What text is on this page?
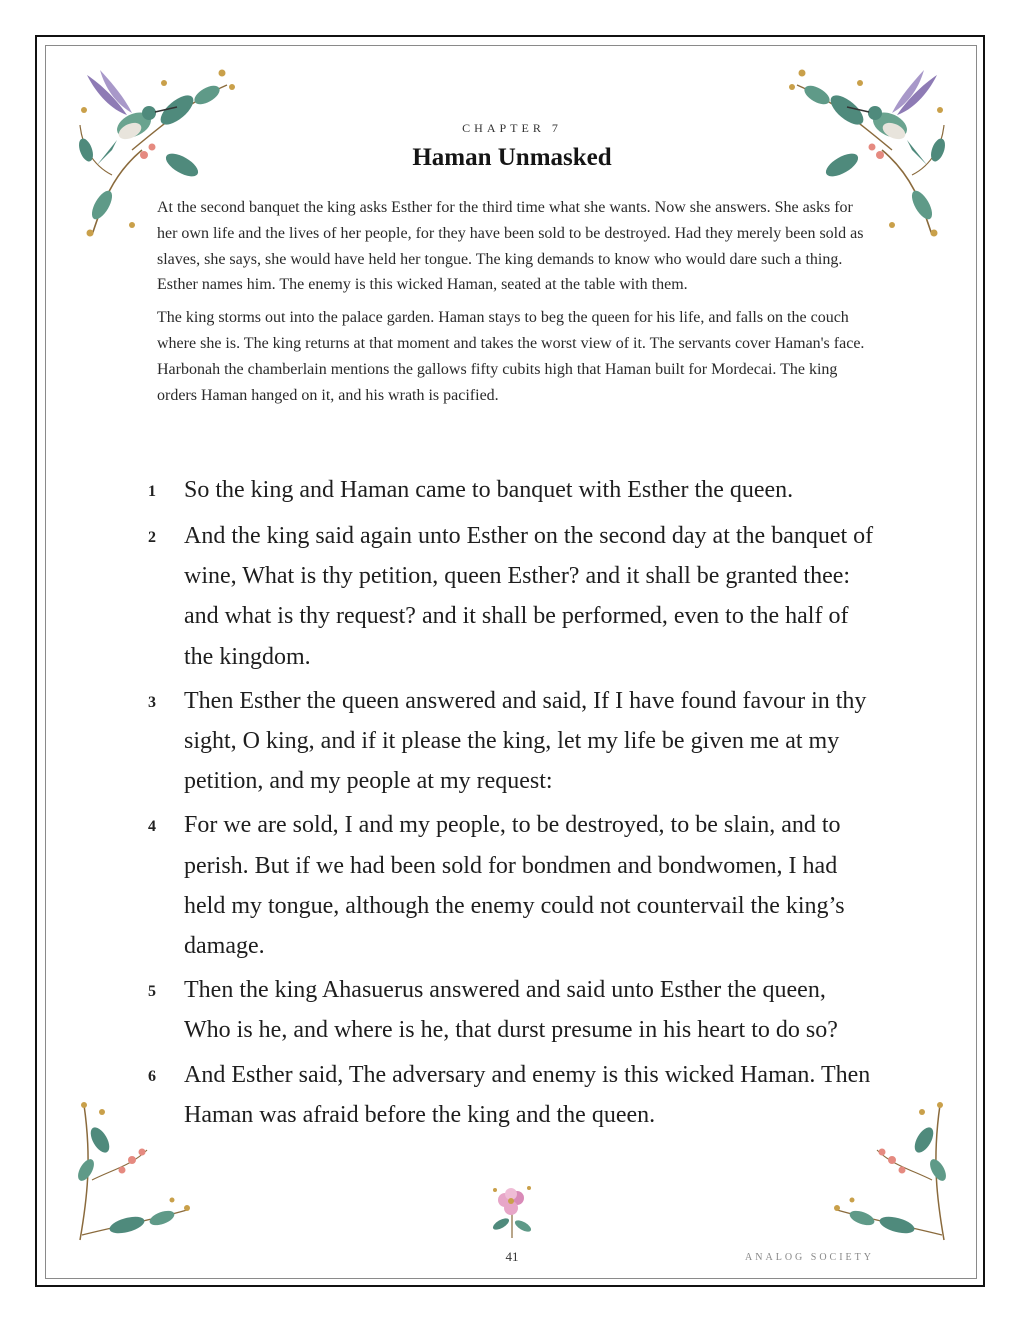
CHAPTER 7
Haman Unmasked

At the second banquet the king asks Esther for the third time what she wants. Now she answers. She asks for her own life and the lives of her people, for they have been sold to be destroyed. Had they merely been sold as slaves, she says, she would have held her tongue. The king demands to know who would dare such a thing. Esther names him. The enemy is this wicked Haman, seated at the table with them.

The king storms out into the palace garden. Haman stays to beg the queen for his life, and falls on the couch where she is. The king returns at that moment and takes the worst view of it. The servants cover Haman's face. Harbonah the chamberlain mentions the gallows fifty cubits high that Haman built for Mordecai. The king orders Haman hanged on it, and his wrath is pacified.

1	So the king and Haman came to banquet with Esther the queen.
2	And the king said again unto Esther on the second day at the banquet of wine, What is thy petition, queen Esther? and it shall be granted thee: and what is thy request? and it shall be performed, even to the half of the kingdom.
3	Then Esther the queen answered and said, If I have found favour in thy sight, O king, and if it please the king, let my life be given me at my petition, and my people at my request:
4	For we are sold, I and my people, to be destroyed, to be slain, and to perish. But if we had been sold for bondmen and bondwomen, I had held my tongue, although the enemy could not countervail the king’s damage.
5	Then the king Ahasuerus answered and said unto Esther the queen, Who is he, and where is he, that durst presume in his heart to do so?
6	And Esther said, The adversary and enemy is this wicked Haman. Then Haman was afraid before the king and the queen.
41	ANALOG SOCIETY
